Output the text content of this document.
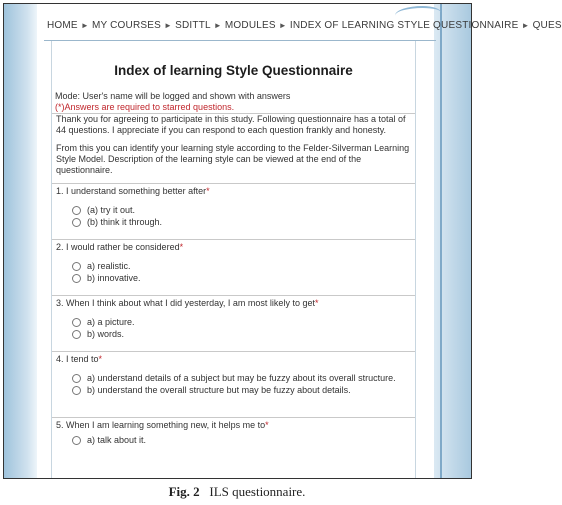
HOME ► MY COURSES ► SDITTL ► MODULES ► INDEX OF LEARNING STYLE QUESTIONNAIRE ► QUES
Index of learning Style Questionnaire
Mode: User's name will be logged and shown with answers
(*)Answers are required to starred questions.

Thank you for agreeing to participate in this study. Following questionnaire has a total of 44 questions. I appreciate if you can respond to each question frankly and honesty.

From this you can identify your learning style according to the Felder-Silverman Learning Style Model. Description of the learning style can be viewed at the end of the questionnaire.

1. I understand something better after*
(a) try it out.
(b) think it through.
2. I would rather be considered*
a) realistic.
b) innovative.
3. When I think about what I did yesterday, I am most likely to get*
a) a picture.
b) words.
4. I tend to*
a) understand details of a subject but may be fuzzy about its overall structure.
b) understand the overall structure but may be fuzzy about details.
5. When I am learning something new, it helps me to*
a) talk about it.
Fig. 2 ILS questionnaire.
